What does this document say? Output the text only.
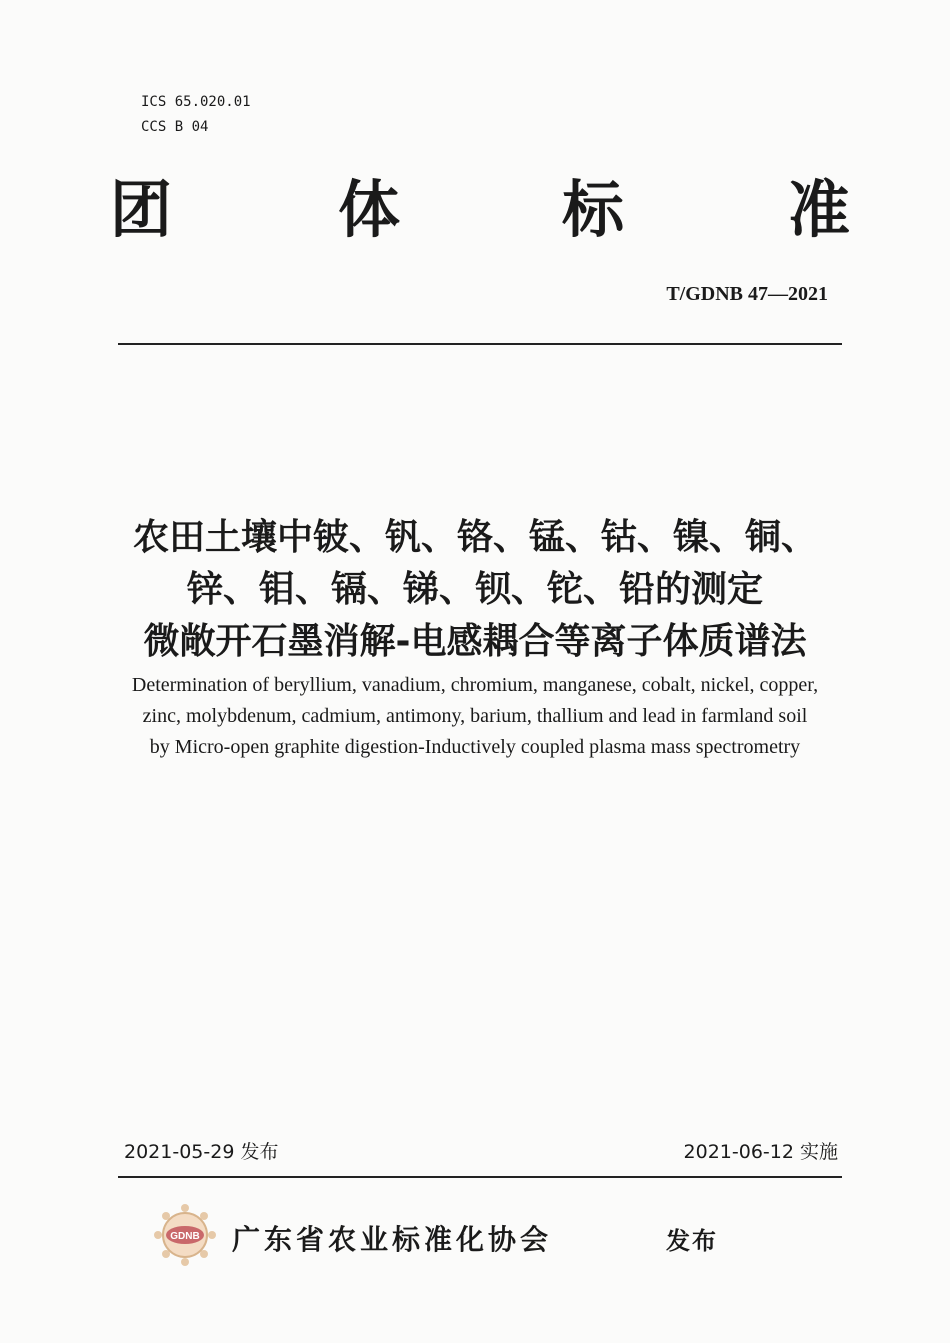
ICS 65.020.01
CCS B 04
团	体	标	准
T/GDNB 47—2021
农田土壤中铍、钒、铬、锰、钴、镍、铜、
锌、钼、镉、锑、钡、铊、铅的测定
微敞开石墨消解-电感耦合等离子体质谱法
Determination of beryllium, vanadium, chromium, manganese, cobalt, nickel, copper,
zinc, molybdenum, cadmium, antimony, barium, thallium and lead in farmland soil
by Micro-open graphite digestion-Inductively coupled plasma mass spectrometry
2021-05-29 发布	2021-06-12 实施
GDNB 广东省农业标准化协会	发布
